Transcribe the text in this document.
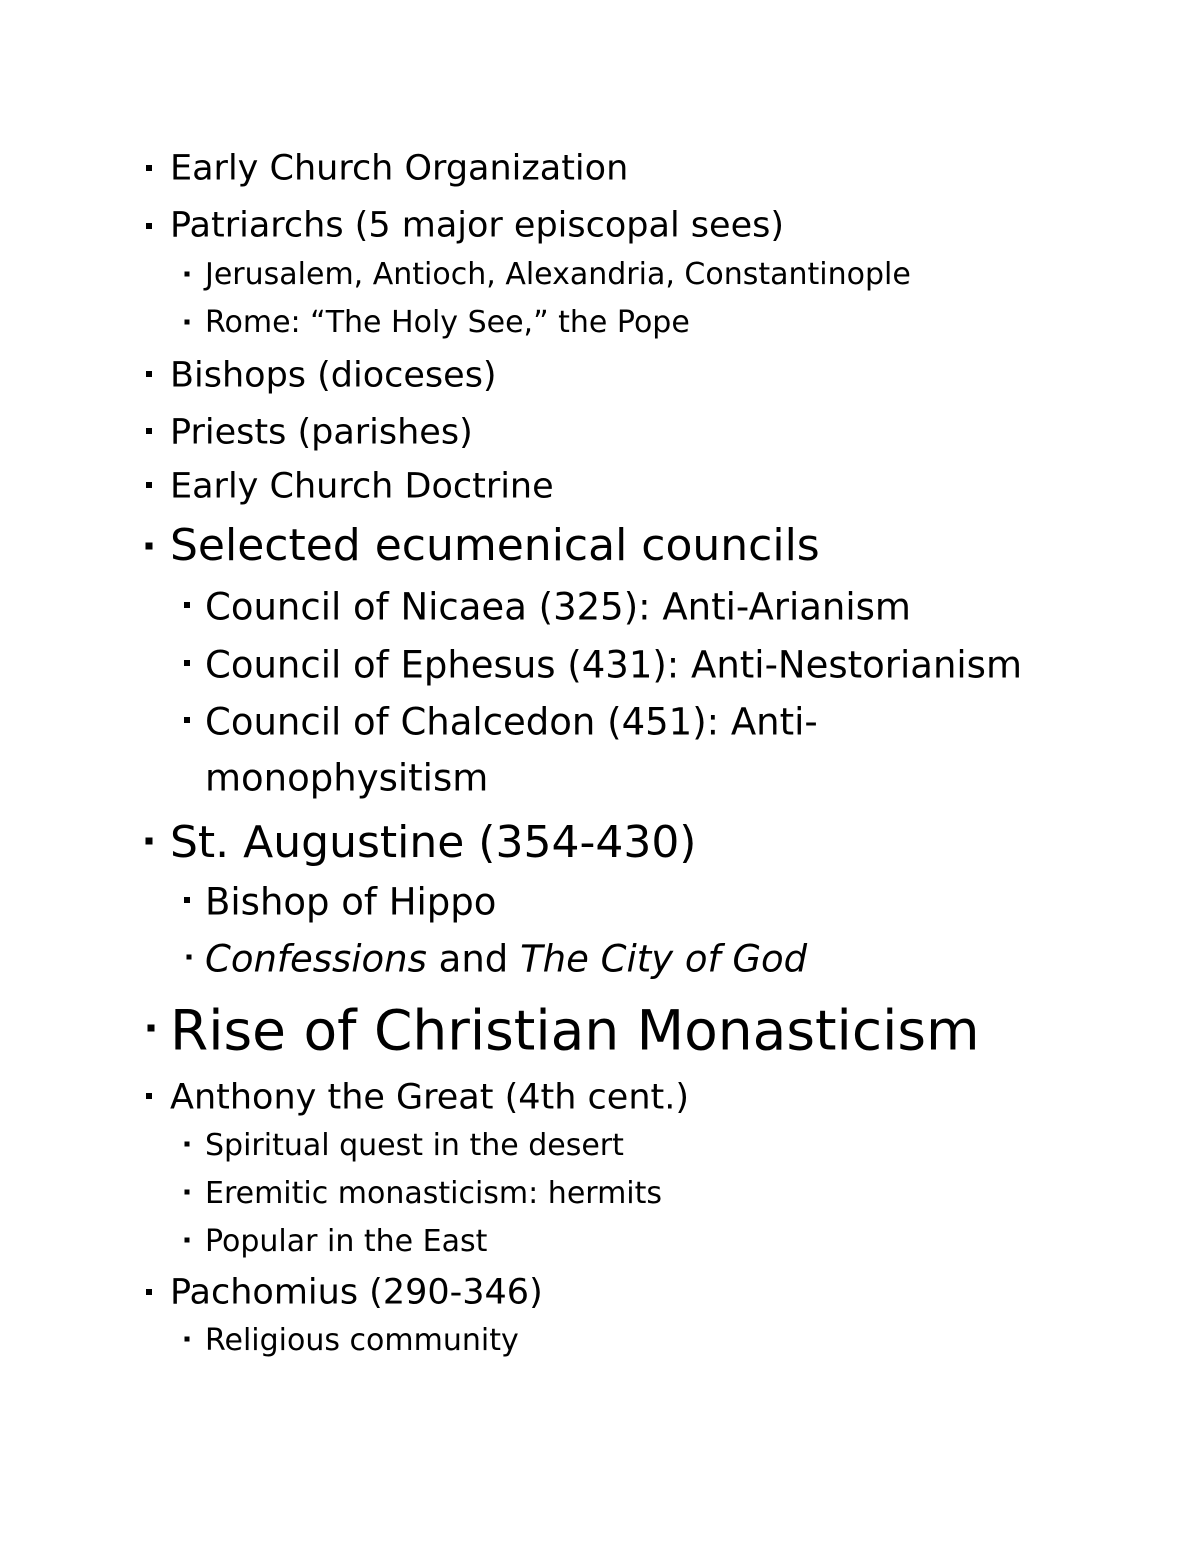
Early Church Organization
Patriarchs (5 major episcopal sees)
Jerusalem, Antioch, Alexandria, Constantinople
Rome: “The Holy See,” the Pope
Bishops (dioceses)
Priests (parishes)
Early Church Doctrine
Selected ecumenical councils
Council of Nicaea (325): Anti-Arianism
Council of Ephesus (431): Anti-Nestorianism
Council of Chalcedon (451): Anti-
monophysitism
St. Augustine (354-430)
Bishop of Hippo
Confessions and The City of God
Rise of Christian Monasticism
Anthony the Great (4th cent.)
Spiritual quest in the desert
Eremitic monasticism: hermits
Popular in the East
Pachomius (290-346)
Religious community
